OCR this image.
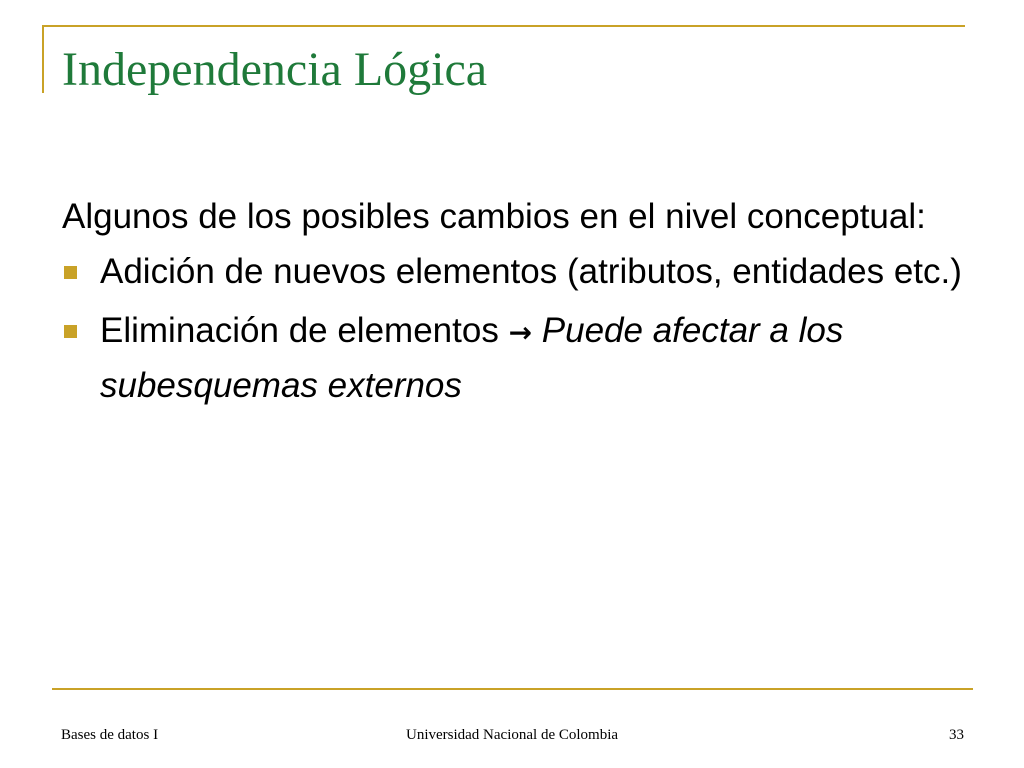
Independencia Lógica

Algunos de los posibles cambios en el nivel conceptual:

Adición de nuevos elementos (atributos, entidades etc.)
Eliminación de elementos → Puede afectar a los subesquemas externos
Bases de datos I	Universidad Nacional de Colombia	33
